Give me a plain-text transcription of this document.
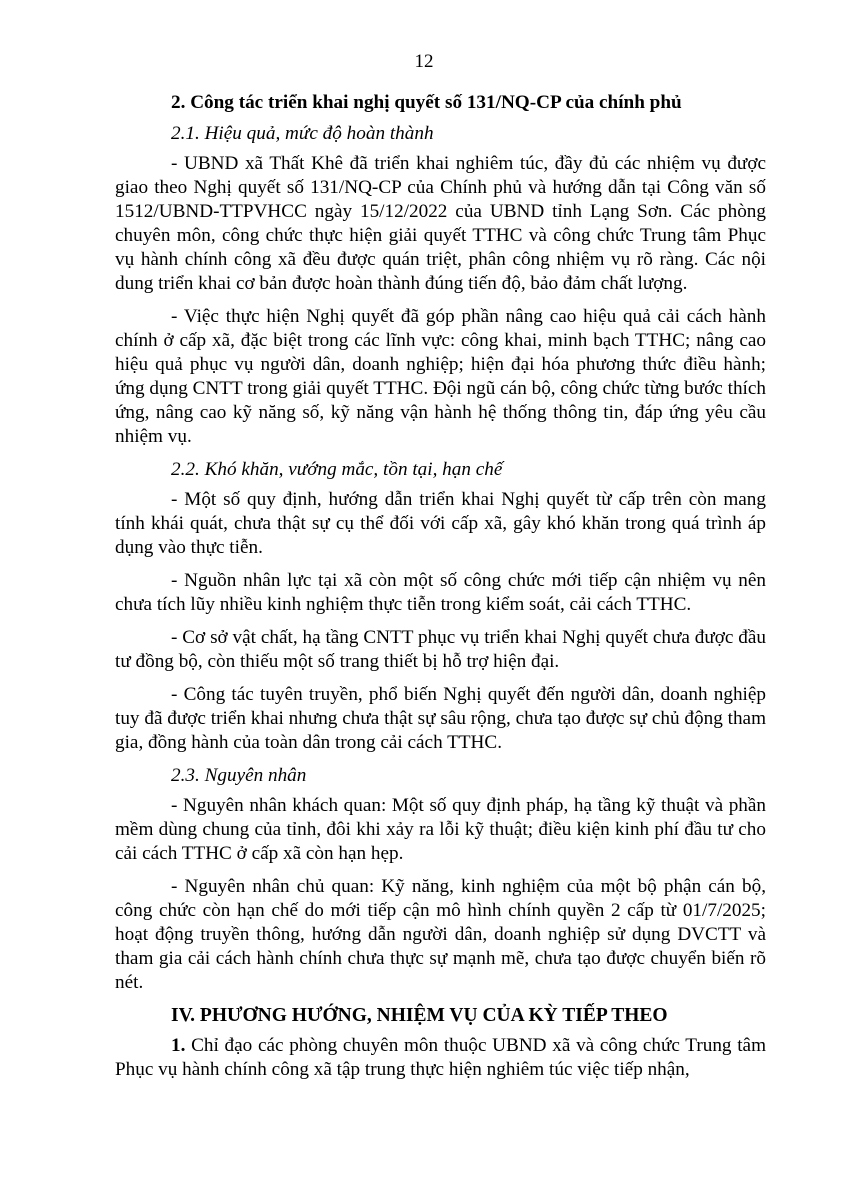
12

2. Công tác triển khai nghị quyết số 131/NQ-CP của chính phủ

2.1. Hiệu quả, mức độ hoàn thành

- UBND xã Thất Khê đã triển khai nghiêm túc, đầy đủ các nhiệm vụ được giao theo Nghị quyết số 131/NQ-CP của Chính phủ và hướng dẫn tại Công văn số 1512/UBND-TTPVHCC ngày 15/12/2022 của UBND tỉnh Lạng Sơn. Các phòng chuyên môn, công chức thực hiện giải quyết TTHC và công chức Trung tâm Phục vụ hành chính công xã đều được quán triệt, phân công nhiệm vụ rõ ràng. Các nội dung triển khai cơ bản được hoàn thành đúng tiến độ, bảo đảm chất lượng.

- Việc thực hiện Nghị quyết đã góp phần nâng cao hiệu quả cải cách hành chính ở cấp xã, đặc biệt trong các lĩnh vực: công khai, minh bạch TTHC; nâng cao hiệu quả phục vụ người dân, doanh nghiệp; hiện đại hóa phương thức điều hành; ứng dụng CNTT trong giải quyết TTHC. Đội ngũ cán bộ, công chức từng bước thích ứng, nâng cao kỹ năng số, kỹ năng vận hành hệ thống thông tin, đáp ứng yêu cầu nhiệm vụ.

2.2. Khó khăn, vướng mắc, tồn tại, hạn chế

- Một số quy định, hướng dẫn triển khai Nghị quyết từ cấp trên còn mang tính khái quát, chưa thật sự cụ thể đối với cấp xã, gây khó khăn trong quá trình áp dụng vào thực tiễn.

- Nguồn nhân lực tại xã còn một số công chức mới tiếp cận nhiệm vụ nên chưa tích lũy nhiều kinh nghiệm thực tiễn trong kiểm soát, cải cách TTHC.

- Cơ sở vật chất, hạ tầng CNTT phục vụ triển khai Nghị quyết chưa được đầu tư đồng bộ, còn thiếu một số trang thiết bị hỗ trợ hiện đại.

- Công tác tuyên truyền, phổ biến Nghị quyết đến người dân, doanh nghiệp tuy đã được triển khai nhưng chưa thật sự sâu rộng, chưa tạo được sự chủ động tham gia, đồng hành của toàn dân trong cải cách TTHC.

2.3. Nguyên nhân

- Nguyên nhân khách quan: Một số quy định pháp, hạ tầng kỹ thuật và phần mềm dùng chung của tỉnh, đôi khi xảy ra lỗi kỹ thuật; điều kiện kinh phí đầu tư cho cải cách TTHC ở cấp xã còn hạn hẹp.

- Nguyên nhân chủ quan: Kỹ năng, kinh nghiệm của một bộ phận cán bộ, công chức còn hạn chế do mới tiếp cận mô hình chính quyền 2 cấp từ 01/7/2025; hoạt động truyền thông, hướng dẫn người dân, doanh nghiệp sử dụng DVCTT và tham gia cải cách hành chính chưa thực sự mạnh mẽ, chưa tạo được chuyển biến rõ nét.

IV. PHƯƠNG HƯỚNG, NHIỆM VỤ CỦA KỲ TIẾP THEO

1. Chỉ đạo các phòng chuyên môn thuộc UBND xã và công chức Trung tâm Phục vụ hành chính công xã tập trung thực hiện nghiêm túc việc tiếp nhận,
